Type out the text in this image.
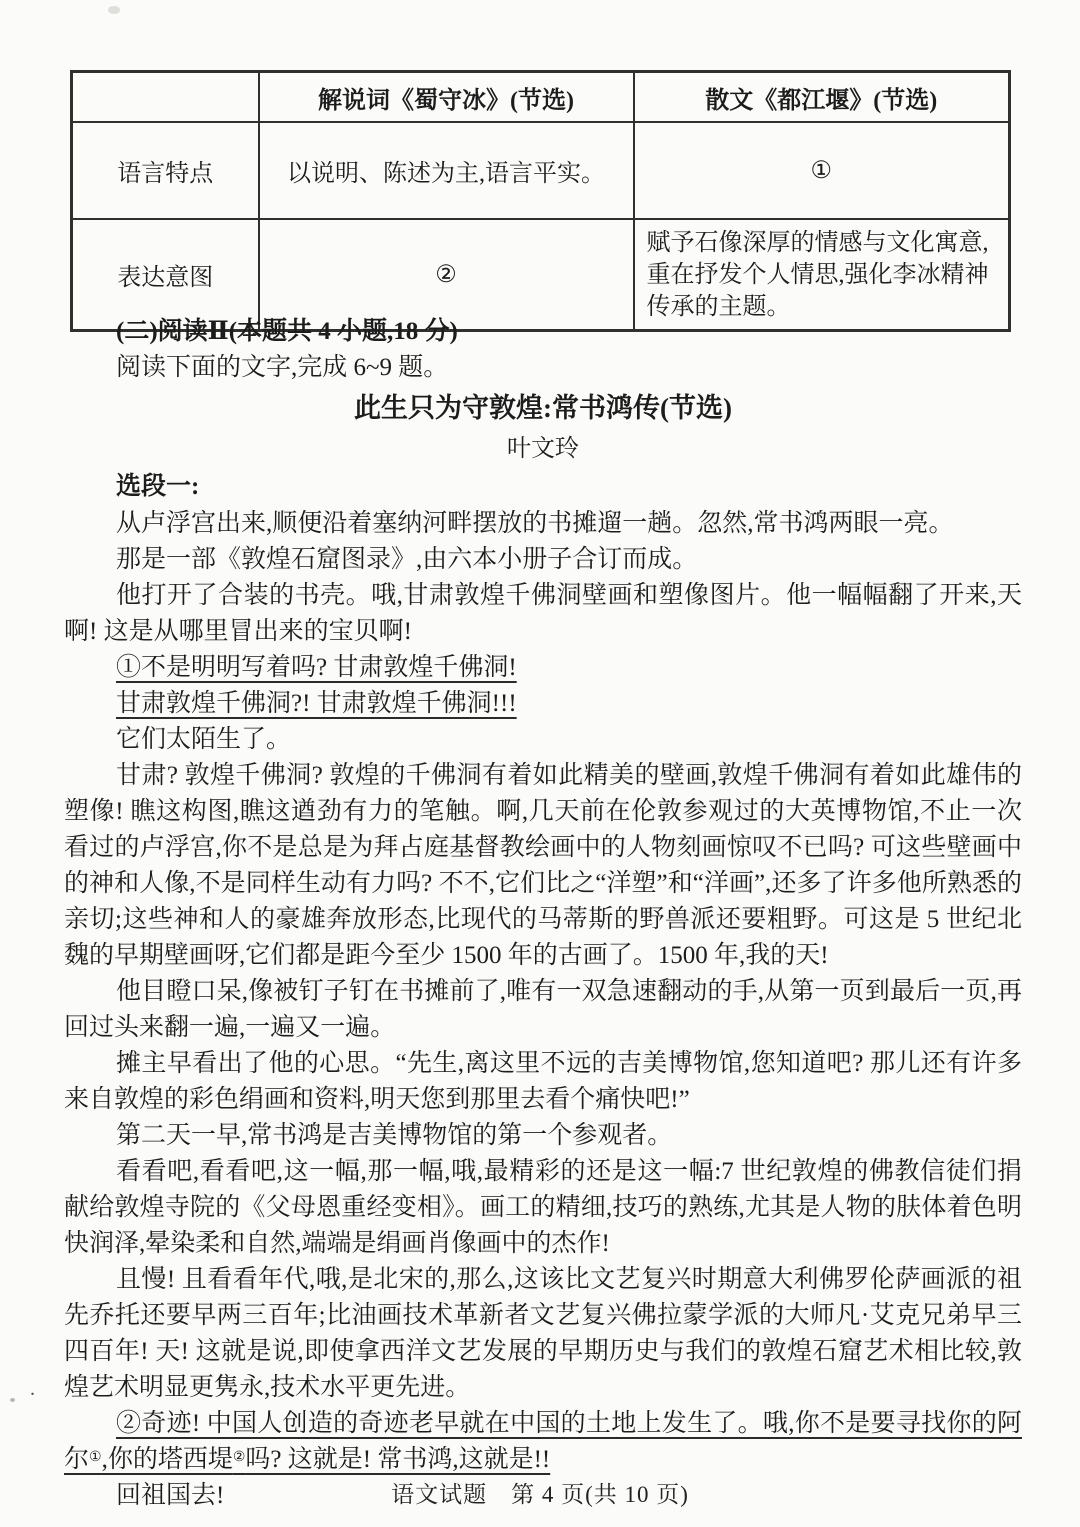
	解说词《蜀守冰》(节选)	散文《都江堰》(节选)
语言特点	以说明、陈述为主,语言平实。	①
表达意图	②	赋予石像深厚的情感与文化寓意,重在抒发个人情思,强化李冰精神传承的主题。
(二)阅读Ⅱ(本题共 4 小题,18 分)
阅读下面的文字,完成 6~9 题。
此生只为守敦煌:常书鸿传(节选)
叶文玲
选段一:

从卢浮宫出来,顺便沿着塞纳河畔摆放的书摊遛一趟。忽然,常书鸿两眼一亮。

那是一部《敦煌石窟图录》,由六本小册子合订而成。

他打开了合装的书壳。哦,甘肃敦煌千佛洞壁画和塑像图片。他一幅幅翻了开来,天啊! 这是从哪里冒出来的宝贝啊!

①不是明明写着吗? 甘肃敦煌千佛洞!

甘肃敦煌千佛洞?! 甘肃敦煌千佛洞!!!

它们太陌生了。

甘肃? 敦煌千佛洞? 敦煌的千佛洞有着如此精美的壁画,敦煌千佛洞有着如此雄伟的塑像! 瞧这构图,瞧这遒劲有力的笔触。啊,几天前在伦敦参观过的大英博物馆,不止一次看过的卢浮宫,你不是总是为拜占庭基督教绘画中的人物刻画惊叹不已吗? 可这些壁画中的神和人像,不是同样生动有力吗? 不不,它们比之“洋塑”和“洋画”,还多了许多他所熟悉的亲切;这些神和人的豪雄奔放形态,比现代的马蒂斯的野兽派还要粗野。可这是 5 世纪北魏的早期壁画呀,它们都是距今至少 1500 年的古画了。1500 年,我的天!

他目瞪口呆,像被钉子钉在书摊前了,唯有一双急速翻动的手,从第一页到最后一页,再回过头来翻一遍,一遍又一遍。

摊主早看出了他的心思。“先生,离这里不远的吉美博物馆,您知道吧? 那儿还有许多来自敦煌的彩色绢画和资料,明天您到那里去看个痛快吧!”

第二天一早,常书鸿是吉美博物馆的第一个参观者。

看看吧,看看吧,这一幅,那一幅,哦,最精彩的还是这一幅:7 世纪敦煌的佛教信徒们捐献给敦煌寺院的《父母恩重经变相》。画工的精细,技巧的熟练,尤其是人物的肤体着色明快润泽,晕染柔和自然,端端是绢画肖像画中的杰作!

且慢! 且看看年代,哦,是北宋的,那么,这该比文艺复兴时期意大利佛罗伦萨画派的祖先乔托还要早两三百年;比油画技术革新者文艺复兴佛拉蒙学派的大师凡·艾克兄弟早三四百年! 天! 这就是说,即使拿西洋文艺发展的早期历史与我们的敦煌石窟艺术相比较,敦煌艺术明显更隽永,技术水平更先进。

②奇迹! 中国人创造的奇迹老早就在中国的土地上发生了。哦,你不是要寻找你的阿尔①,你的塔西堤②吗? 这就是! 常书鸿,这就是!!

回祖国去!

.
语文试题　第 4 页(共 10 页)
